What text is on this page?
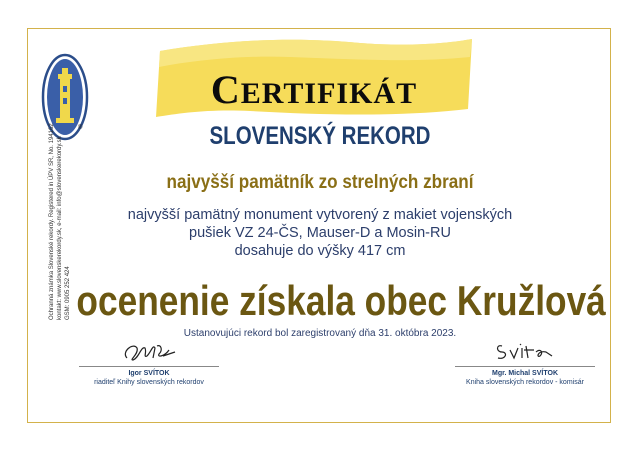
®
Ochranná známka Slovenské rekordy. Registered in ÚPV SR, No. 194162 kontakt: www.slovenskerekordy.sk, e-mail: info@slovenskerekordy.sk GSM: 0905 252 424
CERTIFIKÁT
SLOVENSKÝ REKORD
najvyšší pamätník zo strelných zbraní
najvyšší pamätný monument vytvorený z makiet vojenských
pušiek VZ 24-ČS, Mauser-D a Mosin-RU
dosahuje do výšky 417 cm
ocenenie získala obec Kružlová
Ustanovujúci rekord bol zaregistrovaný dňa 31. októbra 2023.
Igor SVÍTOK
riaditeľ Knihy slovenských rekordov
Mgr. Michal SVÍTOK
Kniha slovenských rekordov - komisár
